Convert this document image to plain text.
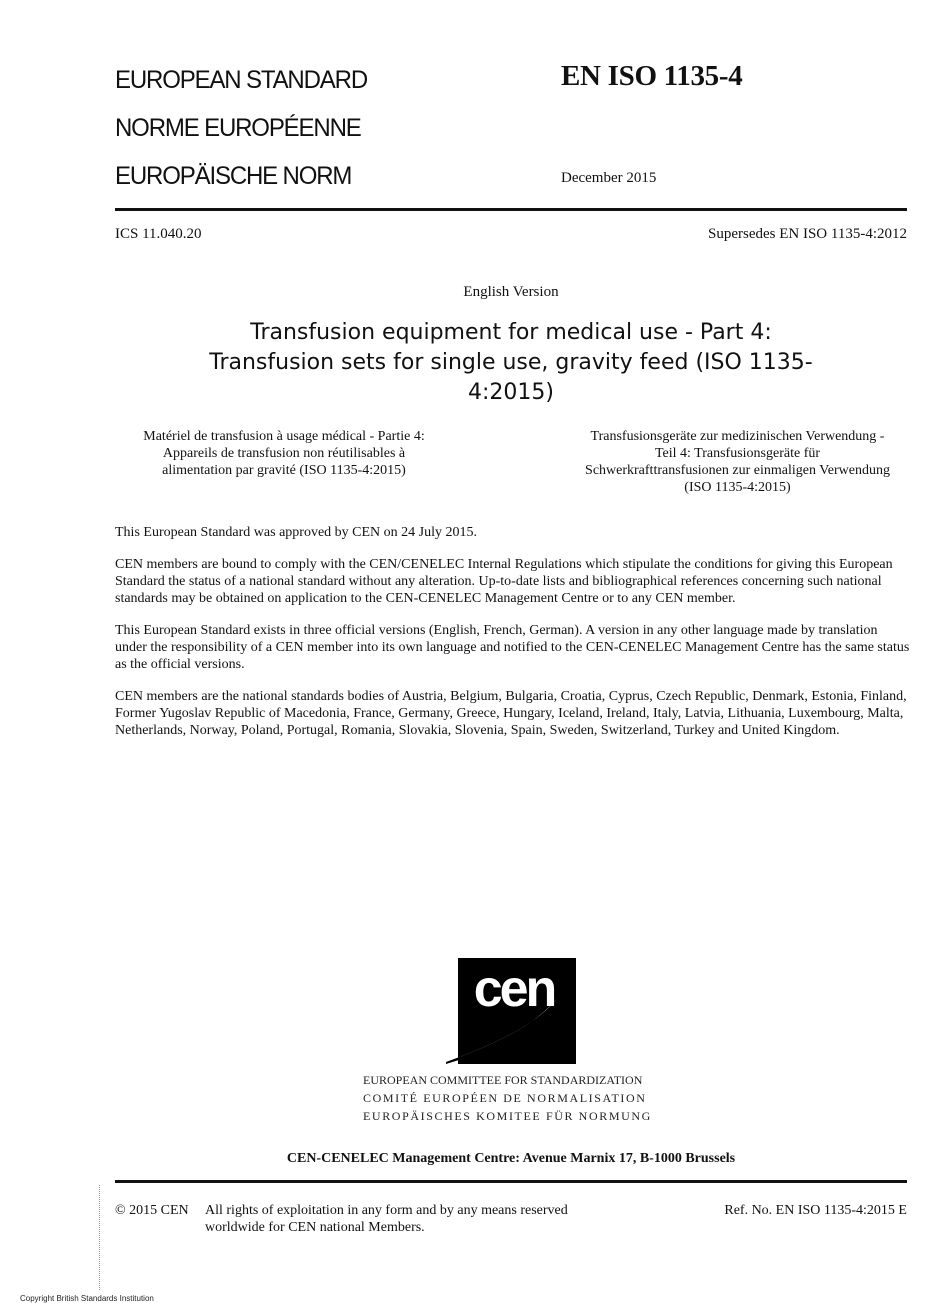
EUROPEAN STANDARD
NORME EUROPÉENNE
EUROPÄISCHE NORM
EN ISO 1135-4
December 2015
ICS 11.040.20	Supersedes EN ISO 1135-4:2012
English Version
Transfusion equipment for medical use - Part 4:
Transfusion sets for single use, gravity feed (ISO 1135-
4:2015)
Matériel de transfusion à usage médical - Partie 4:
Appareils de transfusion non réutilisables à
alimentation par gravité (ISO 1135-4:2015)
Transfusionsgeräte zur medizinischen Verwendung -
Teil 4: Transfusionsgeräte für
Schwerkrafttransfusionen zur einmaligen Verwendung
(ISO 1135-4:2015)

This European Standard was approved by CEN on 24 July 2015.

CEN members are bound to comply with the CEN/CENELEC Internal Regulations which stipulate the conditions for giving this European Standard the status of a national standard without any alteration. Up-to-date lists and bibliographical references concerning such national standards may be obtained on application to the CEN-CENELEC Management Centre or to any CEN member.

This European Standard exists in three official versions (English, French, German). A version in any other language made by translation under the responsibility of a CEN member into its own language and notified to the CEN-CENELEC Management Centre has the same status as the official versions.

CEN members are the national standards bodies of Austria, Belgium, Bulgaria, Croatia, Cyprus, Czech Republic, Denmark, Estonia, Finland, Former Yugoslav Republic of Macedonia, France, Germany, Greece, Hungary, Iceland, Ireland, Italy, Latvia, Lithuania, Luxembourg, Malta, Netherlands, Norway, Poland, Portugal, Romania, Slovakia, Slovenia, Spain, Sweden, Switzerland, Turkey and United Kingdom.

cen
EUROPEAN COMMITTEE FOR STANDARDIZATION
COMITÉ EUROPÉEN DE NORMALISATION
EUROPÄISCHES KOMITEE FÜR NORMUNG
CEN-CENELEC Management Centre: Avenue Marnix 17, B-1000 Brussels
© 2015 CEN All rights of exploitation in any form and by any means reserved
worldwide for CEN national Members.
Ref. No. EN ISO 1135-4:2015 E
Copyright British Standards Institution
